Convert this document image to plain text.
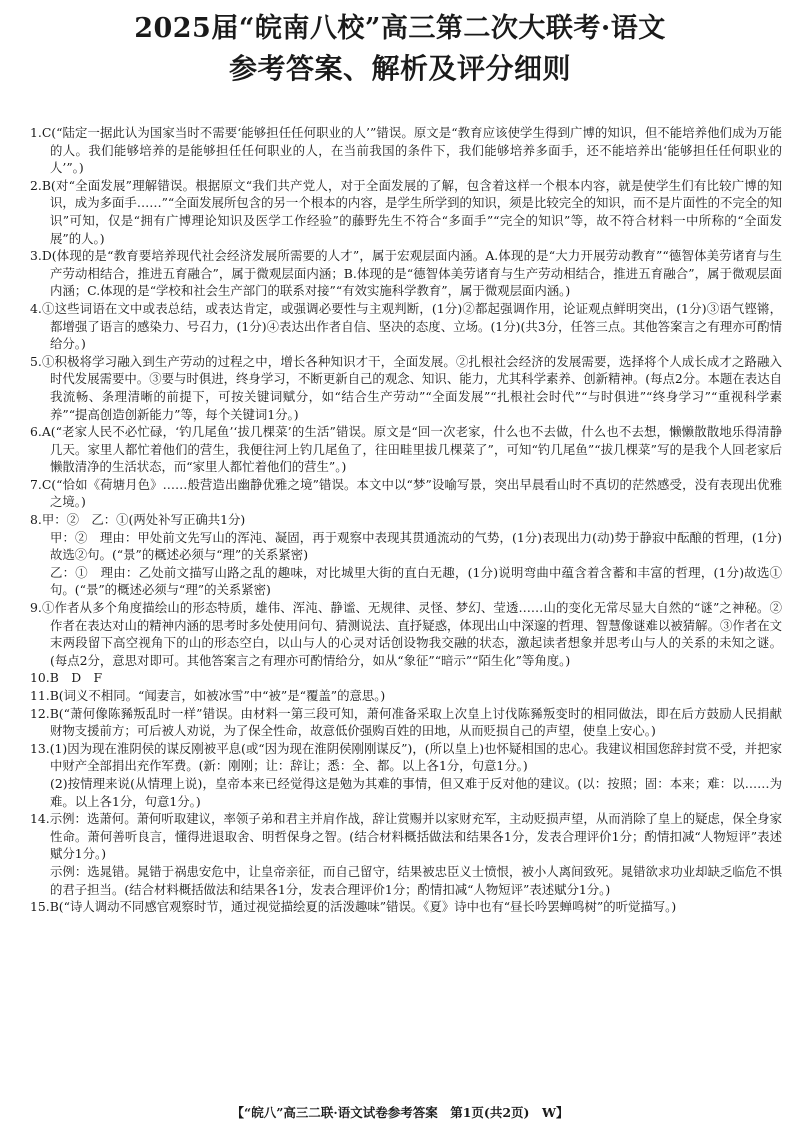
2025届“皖南八校”高三第二次大联考·语文
参考答案、解析及评分细则

1.C(“陆定一据此认为国家当时不需要‘能够担任任何职业的人’”错误。原文是“教育应该使学生得到广博的知识，但不能培养他们成为万能的人。我们能够培养的是能够担任任何职业的人，在当前我国的条件下，我们能够培养多面手，还不能培养出‘能够担任任何职业的人’”。)

2.B(对“全面发展”理解错误。根据原文“我们共产党人，对于全面发展的了解，包含着这样一个根本内容，就是使学生们有比较广博的知识，成为多面手……”“全面发展所包含的另一个根本的内容，是学生所学到的知识，须是比较完全的知识，而不是片面性的不完全的知识”可知，仅是“拥有广博理论知识及医学工作经验”的藤野先生不符合“多面手”“完全的知识”等，故不符合材料一中所称的“全面发展”的人。)

3.D(体现的是“教育要培养现代社会经济发展所需要的人才”，属于宏观层面内涵。A.体现的是“大力开展劳动教育”“德智体美劳诸育与生产劳动相结合，推进五育融合”，属于微观层面内涵；B.体现的是“德智体美劳诸育与生产劳动相结合，推进五育融合”，属于微观层面内涵；C.体现的是“学校和社会生产部门的联系对接”“有效实施科学教育”，属于微观层面内涵。)

4.①这些词语在文中或表总结，或表达肯定，或强调必要性与主观判断，(1分)②都起强调作用，论证观点鲜明突出，(1分)③语气铿锵，都增强了语言的感染力、号召力，(1分)④表达出作者自信、坚决的态度、立场。(1分)(共3分，任答三点。其他答案言之有理亦可酌情给分。)

5.①积极将学习融入到生产劳动的过程之中，增长各种知识才干，全面发展。②扎根社会经济的发展需要，选择将个人成长成才之路融入时代发展需要中。③要与时俱进，终身学习，不断更新自己的观念、知识、能力，尤其科学素养、创新精神。(每点2分。本题在表达自我流畅、条理清晰的前提下，可按关键词赋分，如“结合生产劳动”“全面发展”“扎根社会时代”“与时俱进”“终身学习”“重视科学素养”“提高创造创新能力”等，每个关键词1分。)

6.A(“老家人民不必忙碌，‘钓几尾鱼’‘拔几棵菜’的生活”错误。原文是“回一次老家，什么也不去做，什么也不去想，懒懒散散地乐得清静几天。家里人都忙着他们的营生，我便往河上钓几尾鱼了，往田畦里拔几棵菜了”，可知“钓几尾鱼”“拔几棵菜”写的是我个人回老家后懒散清净的生活状态，而“家里人都忙着他们的营生”。)

7.C(“恰如《荷塘月色》……般营造出幽静优雅之境”错误。本文中以“梦”设喻写景，突出早晨看山时不真切的茫然感受，没有表现出优雅之境。)

8.甲：②　乙：①(两处补写正确共1分)

甲：②　理由：甲处前文先写山的浑沌、凝固，再于观察中表现其贯通流动的气势，(1分)表现出力(动)势于静寂中酝酿的哲理，(1分)故选②句。(“景”的概述必须与“理”的关系紧密)

乙：①　理由：乙处前文描写山路之乱的趣味，对比城里大街的直白无趣，(1分)说明弯曲中蕴含着含蓄和丰富的哲理，(1分)故选①句。(“景”的概述必须与“理”的关系紧密)

9.①作者从多个角度描绘山的形态特质，雄伟、浑沌、静谧、无规律、灵怪、梦幻、莹透……山的变化无常尽显大自然的“谜”之神秘。②作者在表达对山的精神内涵的思考时多处使用问句、猜测说法、直抒疑惑，体现出山中深邃的哲理、智慧像谜难以被猜解。③作者在文末两段留下高空视角下的山的形态空白，以山与人的心灵对话创设物我交融的状态，激起读者想象并思考山与人的关系的未知之谜。(每点2分，意思对即可。其他答案言之有理亦可酌情给分，如从“象征”“暗示”“陌生化”等角度。)

10.B　D　F

11.B(词义不相同。“闻妻言，如被冰雪”中“被”是“覆盖”的意思。)

12.B(“萧何像陈豨叛乱时一样”错误。由材料一第三段可知，萧何准备采取上次皇上讨伐陈豨叛变时的相同做法，即在后方鼓励人民捐献财物支援前方；可后被人劝说，为了保全性命，故意低价强购百姓的田地，从而贬损自己的声望，使皇上安心。)

13.(1)因为现在淮阴侯的谋反刚被平息(或“因为现在淮阴侯刚刚谋反”)，(所以皇上)也怀疑相国的忠心。我建议相国您辞封赏不受，并把家中财产全部捐出充作军费。(新：刚刚；让：辞让；悉：全、都。以上各1分，句意1分。)

(2)按情理来说(从情理上说)，皇帝本来已经觉得这是勉为其难的事情，但又难于反对他的建议。(以：按照；固：本来；难：以……为难。以上各1分，句意1分。)

14.示例：选萧何。萧何听取建议，率领子弟和君主并肩作战，辞让赏赐并以家财充军，主动贬损声望，从而消除了皇上的疑虑，保全身家性命。萧何善听良言，懂得进退取舍、明哲保身之智。(结合材料概括做法和结果各1分，发表合理评价1分；酌情扣减“人物短评”表述赋分1分。)

示例：选晁错。晁错于祸患安危中，让皇帝亲征，而自己留守，结果被忠臣义士愤恨，被小人离间致死。晁错欲求功业却缺乏临危不惧的君子担当。(结合材料概括做法和结果各1分，发表合理评价1分；酌情扣减“人物短评”表述赋分1分。)

15.B(“诗人调动不同感官观察时节，通过视觉描绘夏的活泼趣味”错误。《夏》诗中也有“昼长吟罢蝉鸣树”的听觉描写。)

【“皖八”高三二联·语文试卷参考答案　第1页(共2页)　W】
